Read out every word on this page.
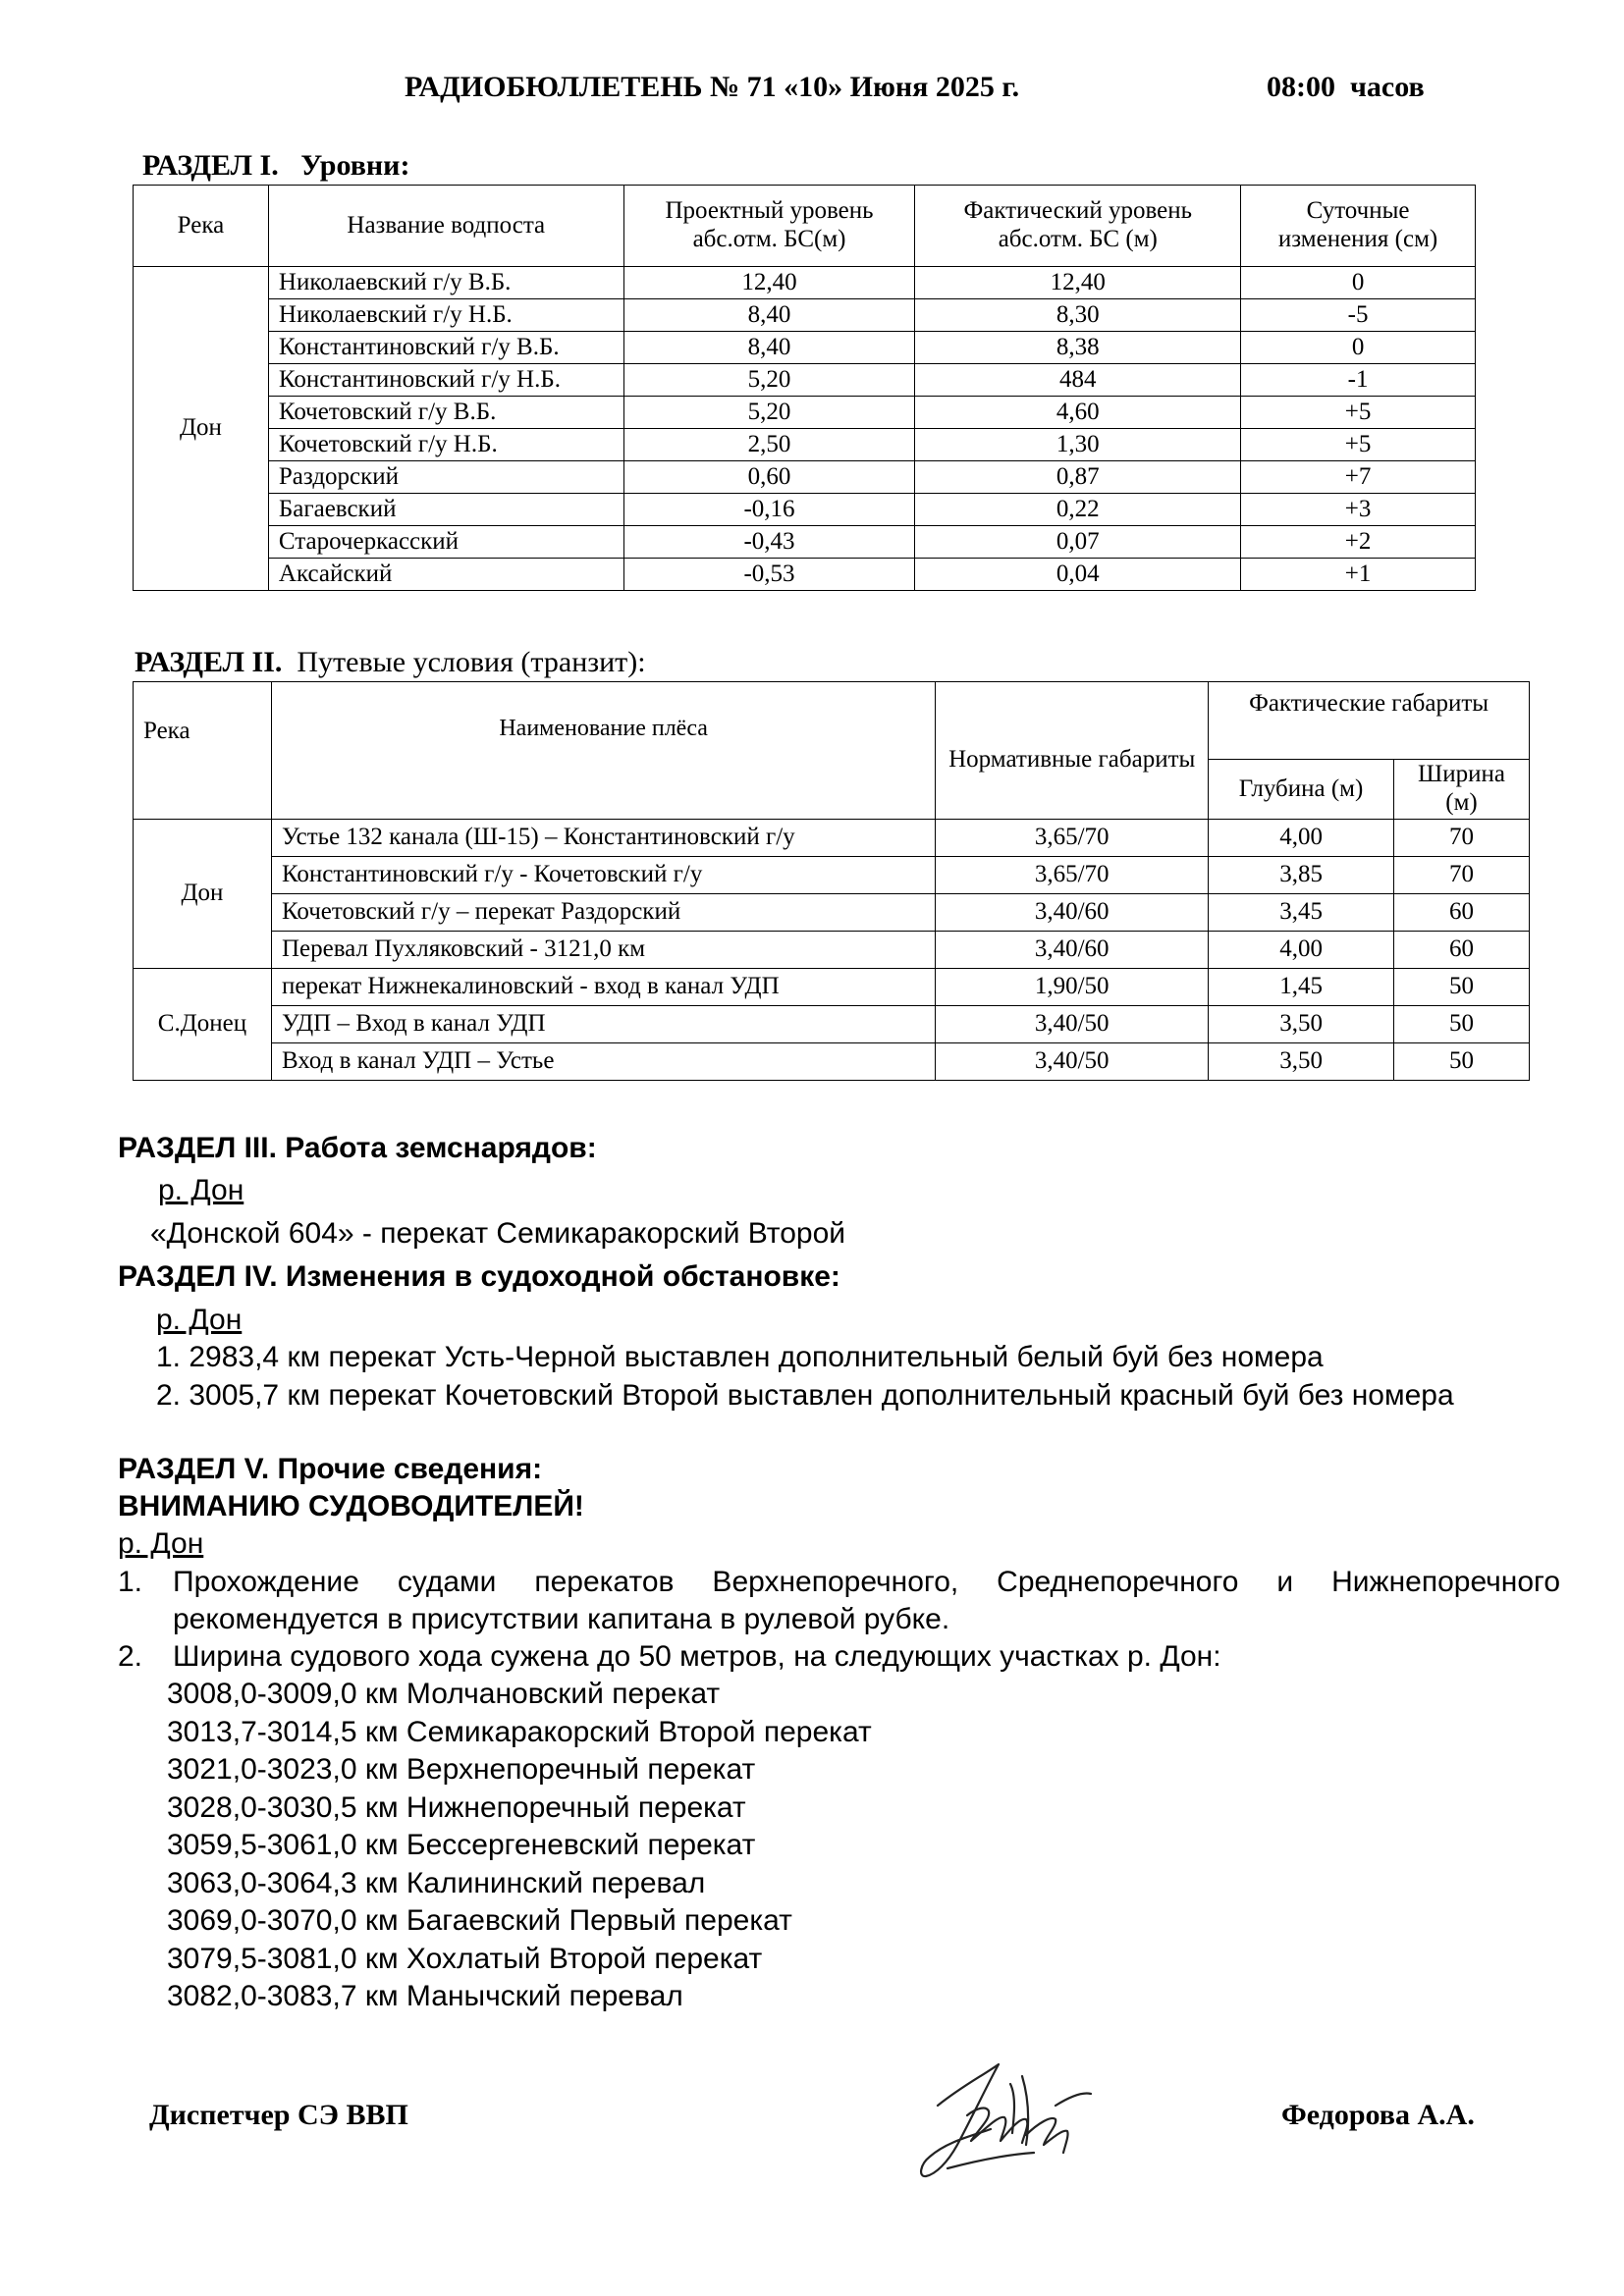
РАДИОБЮЛЛЕТЕНЬ № 71 «10» Июня 2025 г.	08:00  часов
РАЗДЕЛ I. Уровни:
Река	Название водпоста	Проектный уровень абс.отм. БС(м)	Фактический уровень абс.отм. БС (м)	Суточные изменения (см)
Дон	Николаевский г/у В.Б.	12,40	12,40	0
	Николаевский г/у Н.Б.	8,40	8,30	-5
	Константиновский г/у В.Б.	8,40	8,38	0
	Константиновский г/у Н.Б.	5,20	484	-1
	Кочетовский г/у В.Б.	5,20	4,60	+5
	Кочетовский г/у Н.Б.	2,50	1,30	+5
	Раздорский	0,60	0,87	+7
	Багаевский	-0,16	0,22	+3
	Старочеркасский	-0,43	0,07	+2
	Аксайский	-0,53	0,04	+1
РАЗДЕЛ II. Путевые условия (транзит):
Река	Наименование плёса	Нормативные габариты	Фактические габариты	
			Глубина (м)	Ширина (м)
Дон	Устье 132 канала (Ш-15) – Константиновский г/у	3,65/70	4,00	70
	Константиновский г/у - Кочетовский г/у	3,65/70	3,85	70
	Кочетовский г/у – перекат Раздорский	3,40/60	3,45	60
	Перевал Пухляковский - 3121,0 км	3,40/60	4,00	60
С.Донец	перекат Нижнекалиновский - вход в канал УДП	1,90/50	1,45	50
	УДП – Вход в канал УДП	3,40/50	3,50	50
	Вход в канал УДП – Устье	3,40/50	3,50	50
РАЗДЕЛ III. Работа земснарядов:
р. Дон
«Донской 604» - перекат Семикаракорский Второй
РАЗДЕЛ IV. Изменения в судоходной обстановке:
р. Дон
1. 2983,4 км перекат Усть-Черной выставлен дополнительный белый буй без номера
2. 3005,7 км перекат Кочетовский Второй выставлен дополнительный красный буй без номера
РАЗДЕЛ V. Прочие сведения:
ВНИМАНИЮ СУДОВОДИТЕЛЕЙ!
р. Дон
1. Прохождение судами перекатов Верхнепоречного, Среднепоречного и Нижнепоречного
рекомендуется в присутствии капитана в рулевой рубке.
2. Ширина судового хода сужена до 50 метров, на следующих участках р. Дон:
3008,0-3009,0 км Молчановский перекат
3013,7-3014,5 км Семикаракорский Второй перекат
3021,0-3023,0 км Верхнепоречный перекат
3028,0-3030,5 км Нижнепоречный перекат
3059,5-3061,0 км Бессергеневский перекат
3063,0-3064,3 км Калининский перевал
3069,0-3070,0 км Багаевский Первый перекат
3079,5-3081,0 км Хохлатый Второй перекат
3082,0-3083,7 км Манычский перевал
Диспетчер СЭ ВВП	Федорова А.А.
